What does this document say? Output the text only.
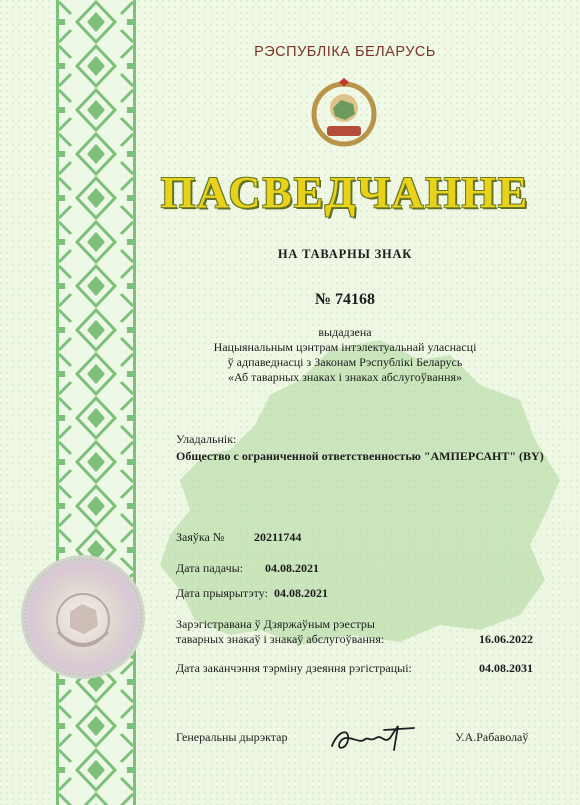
РЭСПУБЛІКА БЕЛАРУСЬ
ПАСВЕДЧАННЕ
НА ТАВАРНЫ ЗНАК
№ 74168
выдадзена
Нацыянальным цэнтрам інтэлектуальнай уласнасці
ў адпаведнасці з Законам Рэспублікі Беларусь
«Аб таварных знаках і знаках абслугоўвання»
Уладальнік:
Общество с ограниченной ответственностью "АМПЕРСАНТ" (BY)
Заяўка № 20211744
Дата падачы: 04.08.2021
Дата прыярытэту: 04.08.2021
Зарэгістравана ў Дзяржаўным рэестры
таварных знакаў і знакаў абслугоўвання:	16.06.2022
Дата заканчэння тэрміну дзеяння рэгістрацыі:	04.08.2031
Генеральны дырэктар	У.А.Рабаволаў
